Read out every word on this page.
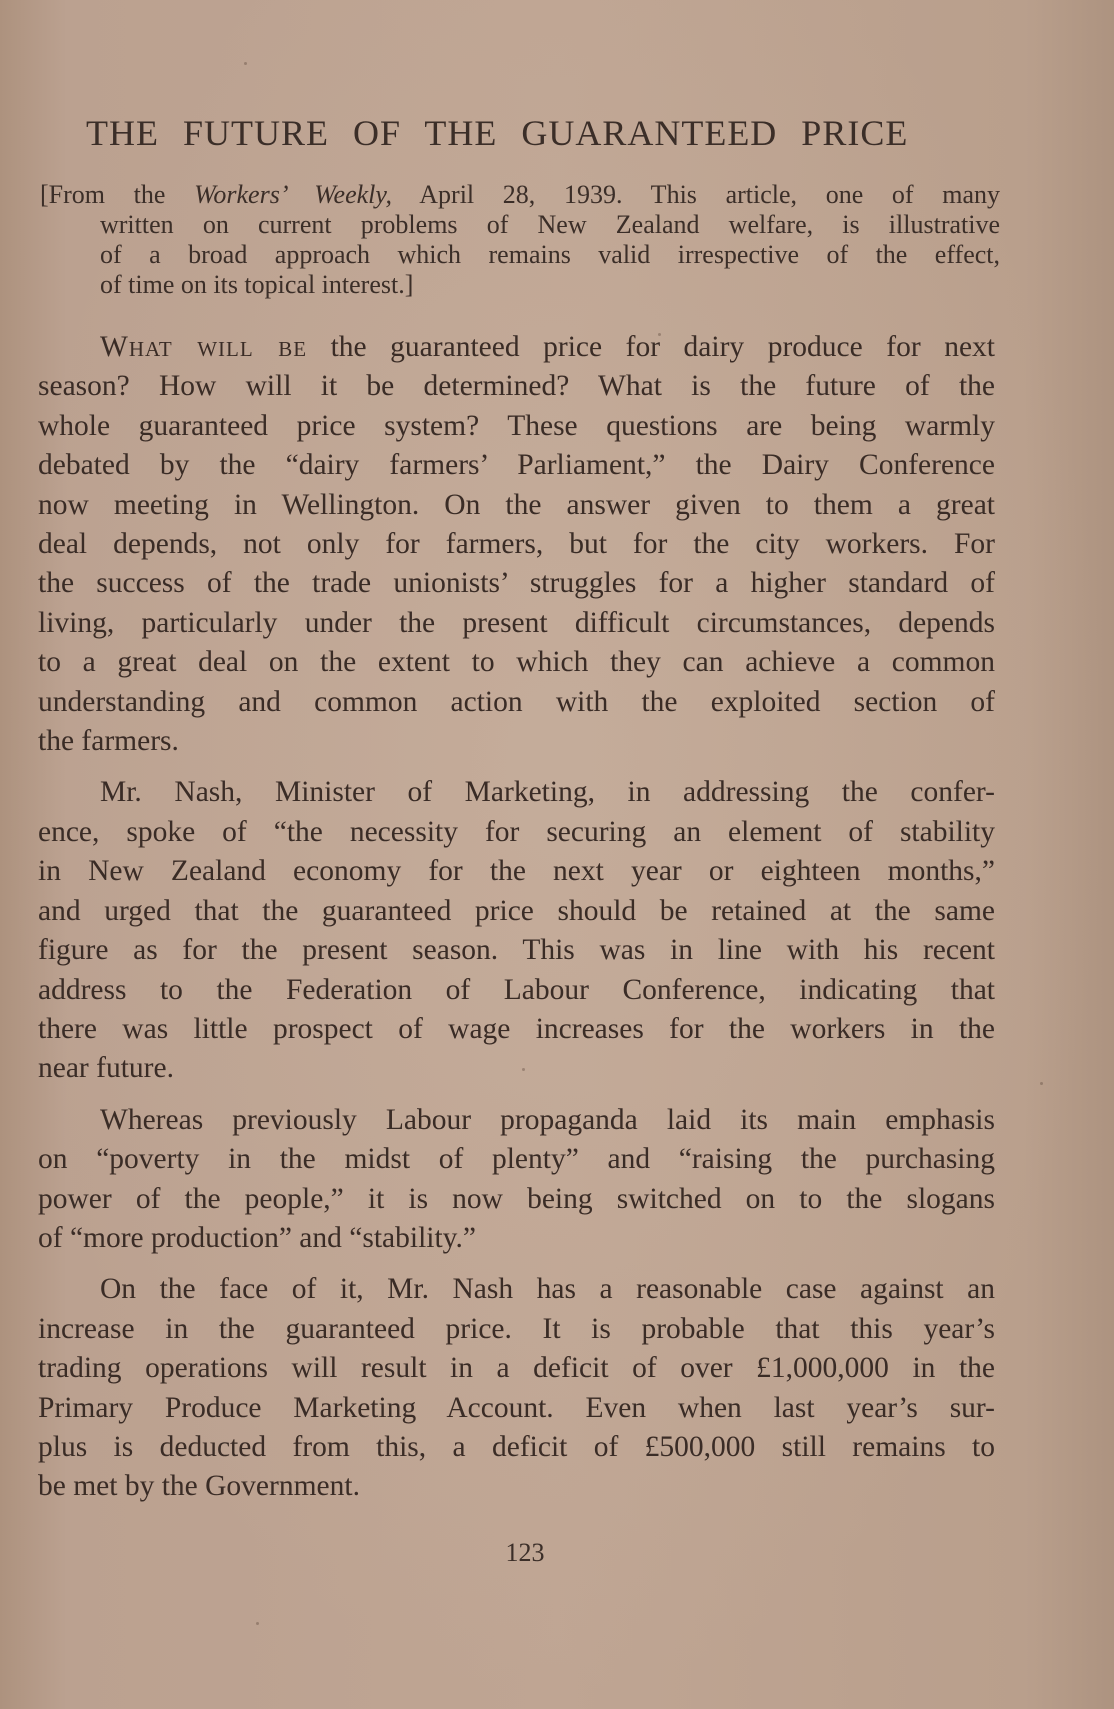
THE FUTURE OF THE GUARANTEED PRICE
[From the Workers’ Weekly, April 28, 1939. This article, one of many
written on current problems of New Zealand welfare, is illustrative
of a broad approach which remains valid irrespective of the effect,
of time on its topical interest.]
What will be the guaranteed price for dairy produce for next
season? How will it be determined? What is the future of the
whole guaranteed price system? These questions are being warmly
debated by the “dairy farmers’ Parliament,” the Dairy Conference
now meeting in Wellington. On the answer given to them a great
deal depends, not only for farmers, but for the city workers. For
the success of the trade unionists’ struggles for a higher standard of
living, particularly under the present difficult circumstances, depends
to a great deal on the extent to which they can achieve a common
understanding and common action with the exploited section of
the farmers.
Mr. Nash, Minister of Marketing, in addressing the confer-
ence, spoke of “the necessity for securing an element of stability
in New Zealand economy for the next year or eighteen months,”
and urged that the guaranteed price should be retained at the same
figure as for the present season. This was in line with his recent
address to the Federation of Labour Conference, indicating that
there was little prospect of wage increases for the workers in the
near future.
Whereas previously Labour propaganda laid its main emphasis
on “poverty in the midst of plenty” and “raising the purchasing
power of the people,” it is now being switched on to the slogans
of “more production” and “stability.”
On the face of it, Mr. Nash has a reasonable case against an
increase in the guaranteed price. It is probable that this year’s
trading operations will result in a deficit of over £1,000,000 in the
Primary Produce Marketing Account. Even when last year’s sur-
plus is deducted from this, a deficit of £500,000 still remains to
be met by the Government.
123
